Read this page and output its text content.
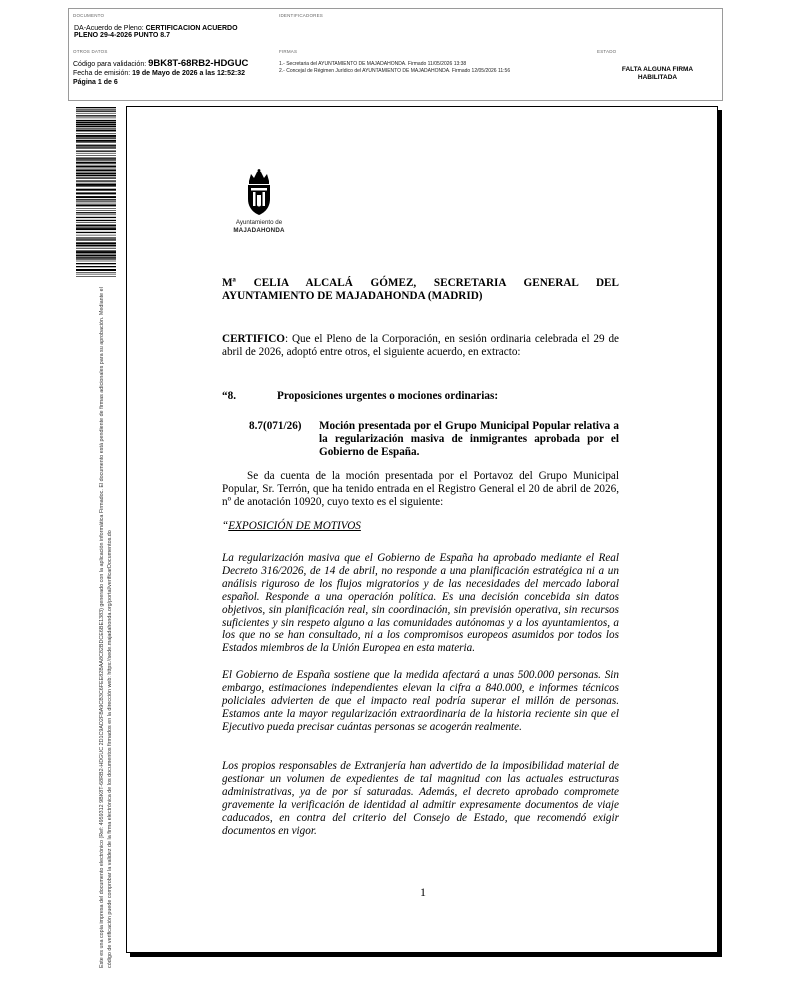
DOCUMENTO
DA-Acuerdo de Pleno: CERTIFICACION ACUERDO
PLENO 29-4-2026 PUNTO 8.7
IDENTIFICADORES
OTROS DATOS
Código para validación: 9BK8T-68RB2-HDGUC
Fecha de emisión: 19 de Mayo de 2026 a las 12:52:32
Página 1 de 6
FIRMAS
1.- Secretaria del AYUNTAMIENTO DE MAJADAHONDA. Firmado 11/05/2026 13:38
2.- Concejal de Régimen Jurídico del AYUNTAMIENTO DE MAJADAHONDA. Firmado 12/05/2026 11:56
ESTADO
FALTA ALGUNA FIRMA
HABILITADA
Este es una copia impresa del documento electrónico (Ref: 4959312 9BK8T-68RB2-HDGUC 2D1C9AD2FBA9CB3C6FEE82BAA8C82BDCE6BE1383) generado con la aplicación informática Firmadoc. El documento está pendiente de firmas adicionales para su aprobación. Mediante el código de verificación puede comprobar la validez de la firma electrónica de los documentos firmados en la dirección web: https://sede.majadahonda.org/portal/verificarDocumentos.do
Ayuntamiento de
MAJADAHONDA
Mª CELIA ALCALÁ GÓMEZ, SECRETARIA GENERAL DEL AYUNTAMIENTO DE MAJADAHONDA (MADRID)
CERTIFICO: Que el Pleno de la Corporación, en sesión ordinaria celebrada el 29 de abril de 2026, adoptó entre otros, el siguiente acuerdo, en extracto:
“8.	Proposiciones urgentes o mociones ordinarias:
8.7(071/26) Moción presentada por el Grupo Municipal Popular relativa a la regularización masiva de inmigrantes aprobada por el Gobierno de España.
Se da cuenta de la moción presentada por el Portavoz del Grupo Municipal Popular, Sr. Terrón, que ha tenido entrada en el Registro General el 20 de abril de 2026, nº de anotación 10920, cuyo texto es el siguiente:
“EXPOSICIÓN DE MOTIVOS
La regularización masiva que el Gobierno de España ha aprobado mediante el Real Decreto 316/2026, de 14 de abril, no responde a una planificación estratégica ni a un análisis riguroso de los flujos migratorios y de las necesidades del mercado laboral español. Responde a una operación política. Es una decisión concebida sin datos objetivos, sin planificación real, sin coordinación, sin previsión operativa, sin recursos suficientes y sin respeto alguno a las comunidades autónomas y a los ayuntamientos, a los que no se han consultado, ni a los compromisos europeos asumidos por todos los Estados miembros de la Unión Europea en esta materia.
El Gobierno de España sostiene que la medida afectará a unas 500.000 personas. Sin embargo, estimaciones independientes elevan la cifra a 840.000, e informes técnicos policiales advierten de que el impacto real podría superar el millón de personas. Estamos ante la mayor regularización extraordinaria de la historia reciente sin que el Ejecutivo pueda precisar cuántas personas se acogerán realmente.
Los propios responsables de Extranjería han advertido de la imposibilidad material de gestionar un volumen de expedientes de tal magnitud con las actuales estructuras administrativas, ya de por sí saturadas. Además, el decreto aprobado compromete gravemente la verificación de identidad al admitir expresamente documentos de viaje caducados, en contra del criterio del Consejo de Estado, que recomendó exigir documentos en vigor.
1
